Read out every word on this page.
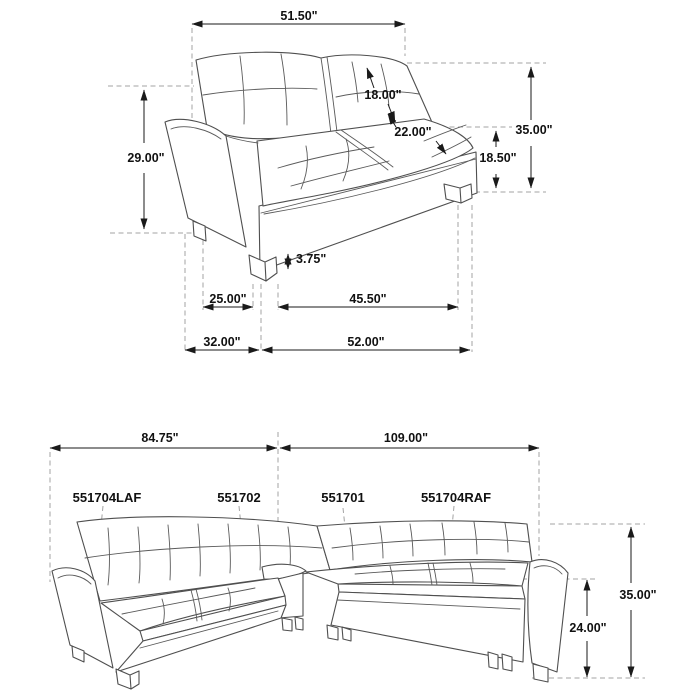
51.50"
29.00"
18.00"
22.00"	35.00"
18.50"
3.75"
25.00"	45.50"
32.00"	52.00"
84.75"	109.00"
35.00"
24.00"
551704LAF	551702	551701	551704RAF
